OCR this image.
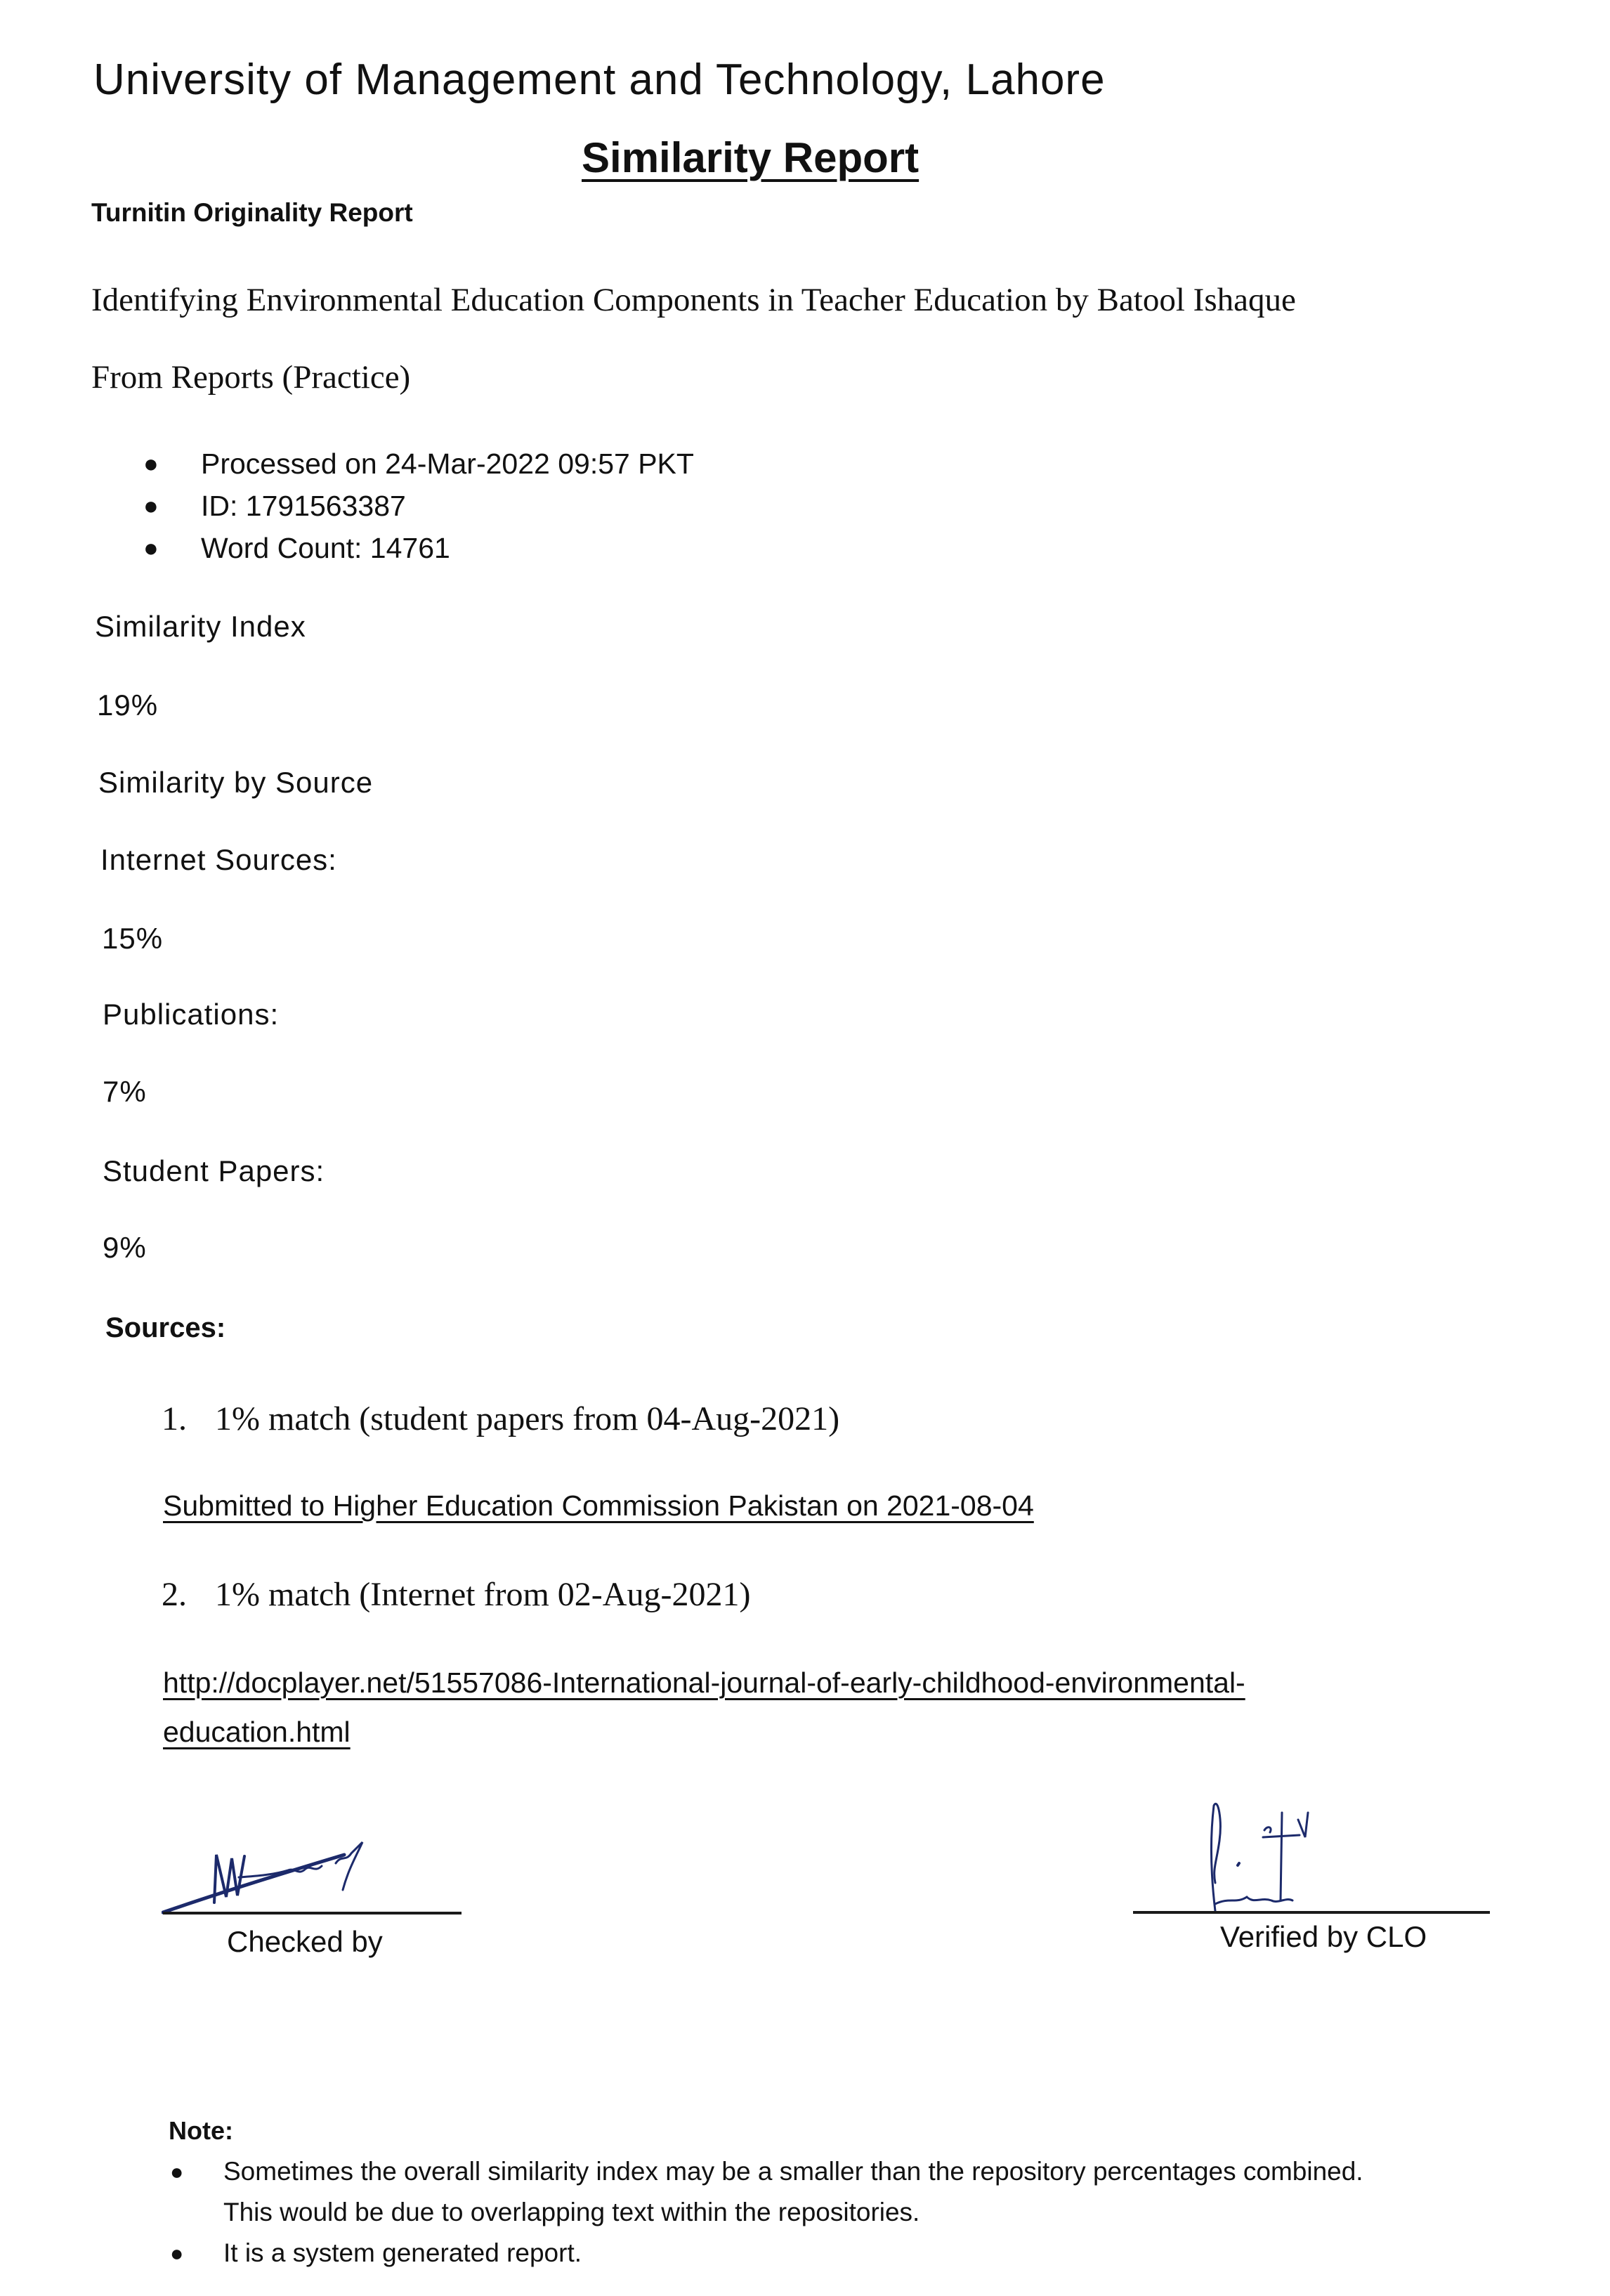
University of Management and Technology, Lahore
Similarity Report
Turnitin Originality Report
Identifying Environmental Education Components in Teacher Education by Batool Ishaque
From Reports (Practice)
● Processed on 24-Mar-2022 09:57 PKT
● ID: 1791563387
● Word Count: 14761
Similarity Index
19%
Similarity by Source
Internet Sources:
15%
Publications:
7%
Student Papers:
9%
Sources:
1. 1% match (student papers from 04-Aug-2021)
Submitted to Higher Education Commission Pakistan on 2021-08-04
2. 1% match (Internet from 02-Aug-2021)
http://docplayer.net/51557086-International-journal-of-early-childhood-environmental-
education.html
Checked by	Verified by CLO
Note:
● Sometimes the overall similarity index may be a smaller than the repository percentages combined.
This would be due to overlapping text within the repositories.
● It is a system generated report.
